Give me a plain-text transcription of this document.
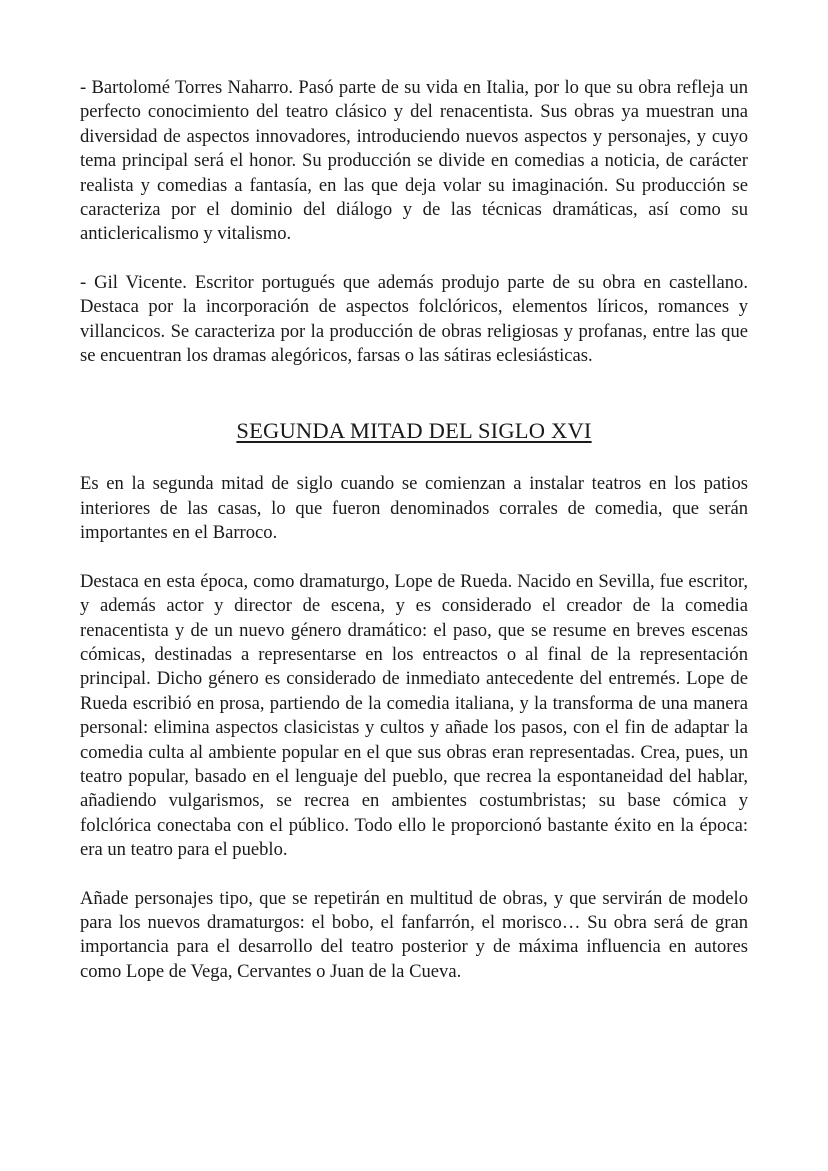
- Bartolomé Torres Naharro. Pasó parte de su vida en Italia, por lo que su obra refleja un perfecto conocimiento del teatro clásico y del renacentista. Sus obras ya muestran una diversidad de aspectos innovadores, introduciendo nuevos aspectos y personajes, y cuyo tema principal será el honor. Su producción se divide en comedias a noticia, de carácter realista y comedias a fantasía, en las que deja volar su imaginación. Su producción se caracteriza por el dominio del diálogo y de las técnicas dramáticas, así como su anticlericalismo y vitalismo.

- Gil Vicente. Escritor portugués que además produjo parte de su obra en castellano. Destaca por la incorporación de aspectos folclóricos, elementos líricos, romances y villancicos. Se caracteriza por la producción de obras religiosas y profanas, entre las que se encuentran los dramas alegóricos, farsas o las sátiras eclesiásticas.

SEGUNDA MITAD DEL SIGLO XVI

Es en la segunda mitad de siglo cuando se comienzan a instalar teatros en los patios interiores de las casas, lo que fueron denominados corrales de comedia, que serán importantes en el Barroco.

Destaca en esta época, como dramaturgo, Lope de Rueda. Nacido en Sevilla, fue escritor, y además actor y director de escena, y es considerado el creador de la comedia renacentista y de un nuevo género dramático: el paso, que se resume en breves escenas cómicas, destinadas a representarse en los entreactos o al final de la representación principal. Dicho género es considerado de inmediato antecedente del entremés. Lope de Rueda escribió en prosa, partiendo de la comedia italiana, y la transforma de una manera personal: elimina aspectos clasicistas y cultos y añade los pasos, con el fin de adaptar la comedia culta al ambiente popular en el que sus obras eran representadas. Crea, pues, un teatro popular, basado en el lenguaje del pueblo, que recrea la espontaneidad del hablar, añadiendo vulgarismos, se recrea en ambientes costumbristas; su base cómica y folclórica conectaba con el público. Todo ello le proporcionó bastante éxito en la época: era un teatro para el pueblo.

Añade personajes tipo, que se repetirán en multitud de obras, y que servirán de modelo para los nuevos dramaturgos: el bobo, el fanfarrón, el morisco… Su obra será de gran importancia para el desarrollo del teatro posterior y de máxima influencia en autores como Lope de Vega, Cervantes o Juan de la Cueva.
